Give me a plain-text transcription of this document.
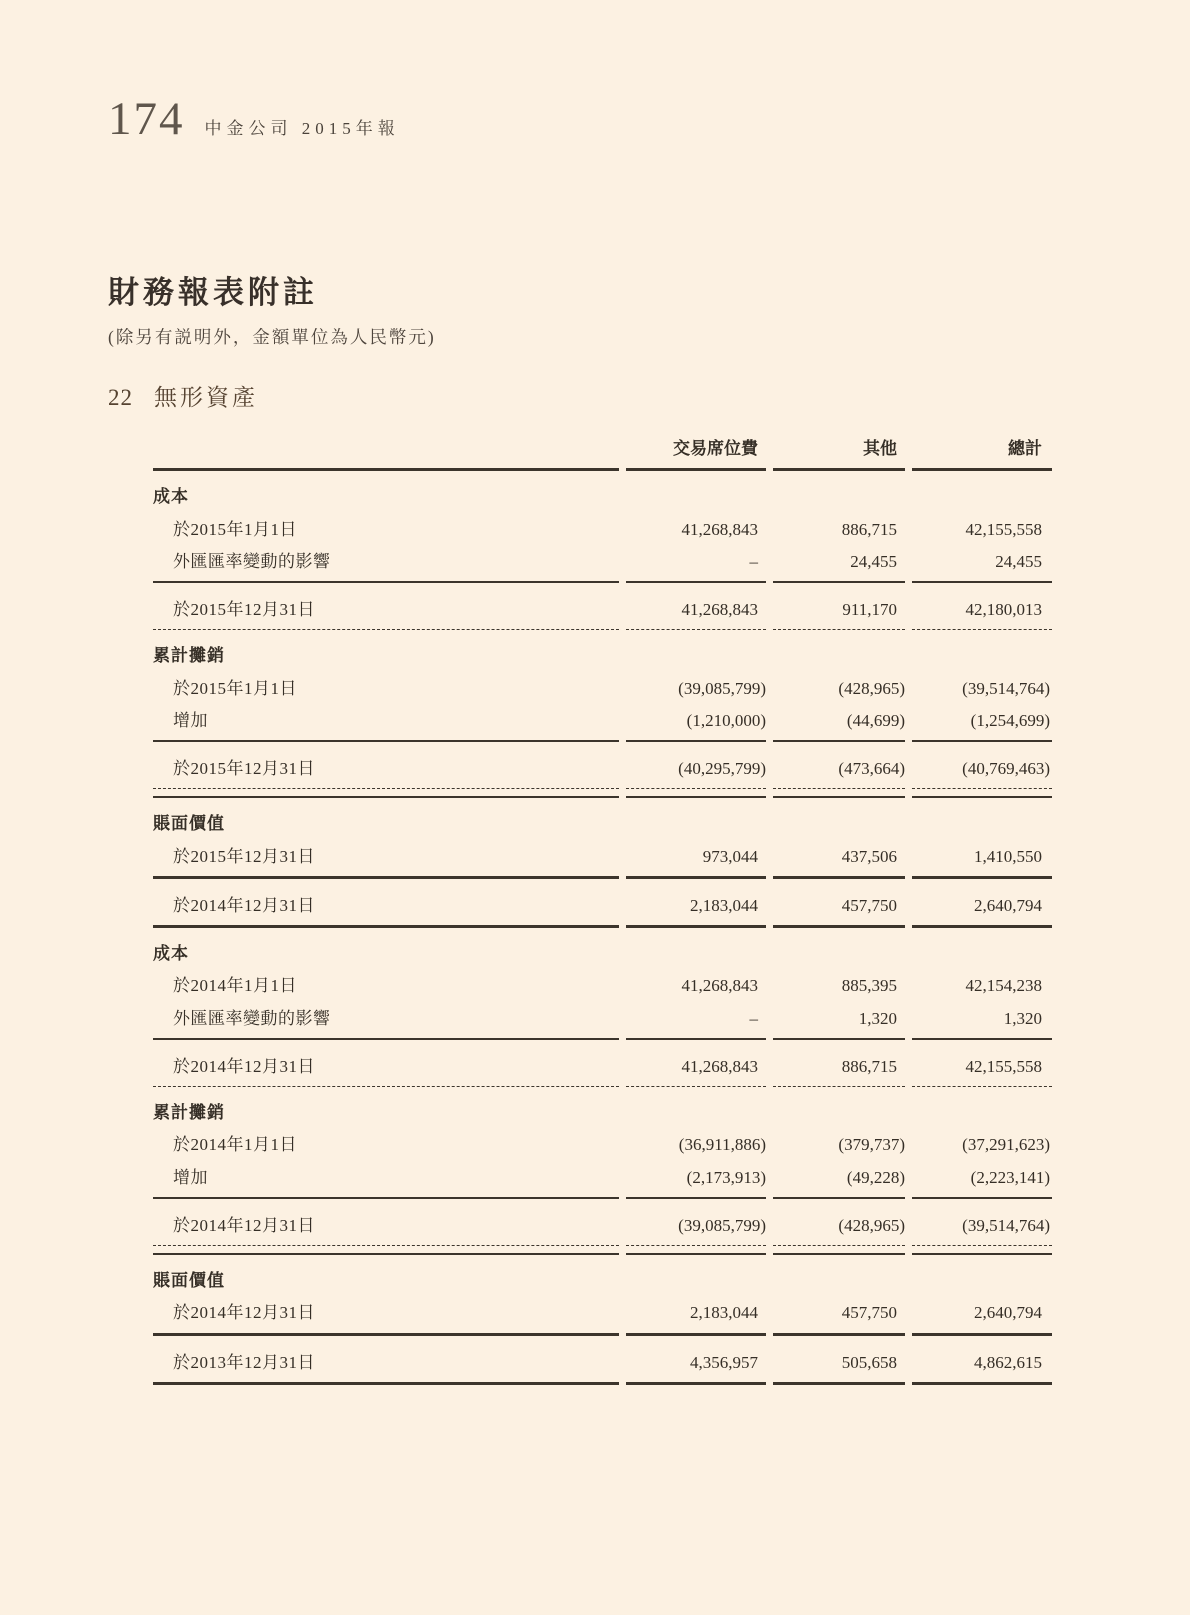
174 中金公司 2015年報
財務報表附註
(除另有説明外，金額單位為人民幣元)
22 無形資產
	交易席位費	其他	總計
成本			
於2015年1月1日	41,268,843	886,715	42,155,558
外匯匯率變動的影響	–	24,455	24,455
於2015年12月31日	41,268,843	911,170	42,180,013
累計攤銷			
於2015年1月1日	(39,085,799)	(428,965)	(39,514,764)
增加	(1,210,000)	(44,699)	(1,254,699)
於2015年12月31日	(40,295,799)	(473,664)	(40,769,463)

賬面價值			
於2015年12月31日	973,044	437,506	1,410,550
於2014年12月31日	2,183,044	457,750	2,640,794
成本			
於2014年1月1日	41,268,843	885,395	42,154,238
外匯匯率變動的影響	–	1,320	1,320
於2014年12月31日	41,268,843	886,715	42,155,558
累計攤銷			
於2014年1月1日	(36,911,886)	(379,737)	(37,291,623)
增加	(2,173,913)	(49,228)	(2,223,141)
於2014年12月31日	(39,085,799)	(428,965)	(39,514,764)

賬面價值			
於2014年12月31日	2,183,044	457,750	2,640,794
於2013年12月31日	4,356,957	505,658	4,862,615
